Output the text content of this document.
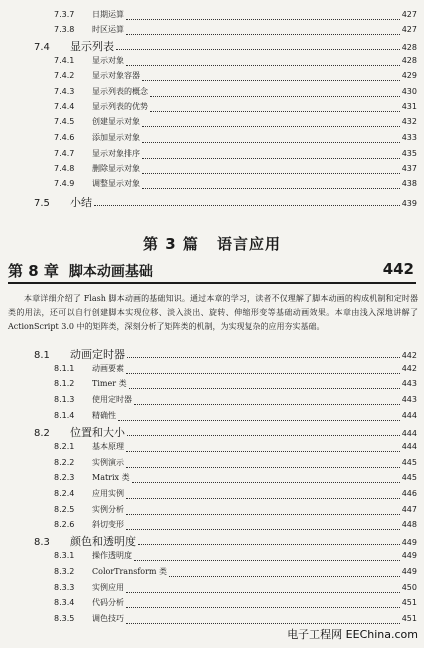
7.3.7	日期运算	427
7.3.8	时区运算	427
7.4	显示列表	428
7.4.1	显示对象	428
7.4.2	显示对象容器	429
7.4.3	显示列表的概念	430
7.4.4	显示列表的优势	431
7.4.5	创建显示对象	432
7.4.6	添加显示对象	433
7.4.7	显示对象排序	435
7.4.8	删除显示对象	437
7.4.9	调整显示对象	438
7.5	小结	439
第 3 篇 语言应用
第 8 章 脚本动画基础	442
本章详细介绍了 Flash 脚本动画的基础知识。通过本章的学习，读者不仅理解了脚本动画的构成机制和定时器类的用法，还可以自行创建脚本实现位移、淡入淡出、旋转、伸缩形变等基础动画效果。本章由浅入深地讲解了 ActionScript 3.0 中的矩阵类，深刻分析了矩阵类的机制，为实现复杂的应用夯实基础。
8.1	动画定时器	442
8.1.1	动画要素	442
8.1.2	Timer 类	443
8.1.3	使用定时器	443
8.1.4	精确性	444
8.2	位置和大小	444
8.2.1	基本原理	444
8.2.2	实例演示	445
8.2.3	Matrix 类	445
8.2.4	应用实例	446
8.2.5	实例分析	447
8.2.6	斜切变形	448
8.3	颜色和透明度	449
8.3.1	操作透明度	449
8.3.2	ColorTransform 类	449
8.3.3	实例应用	450
8.3.4	代码分析	451
8.3.5	调色技巧	451
电子工程网 EEChina.com
